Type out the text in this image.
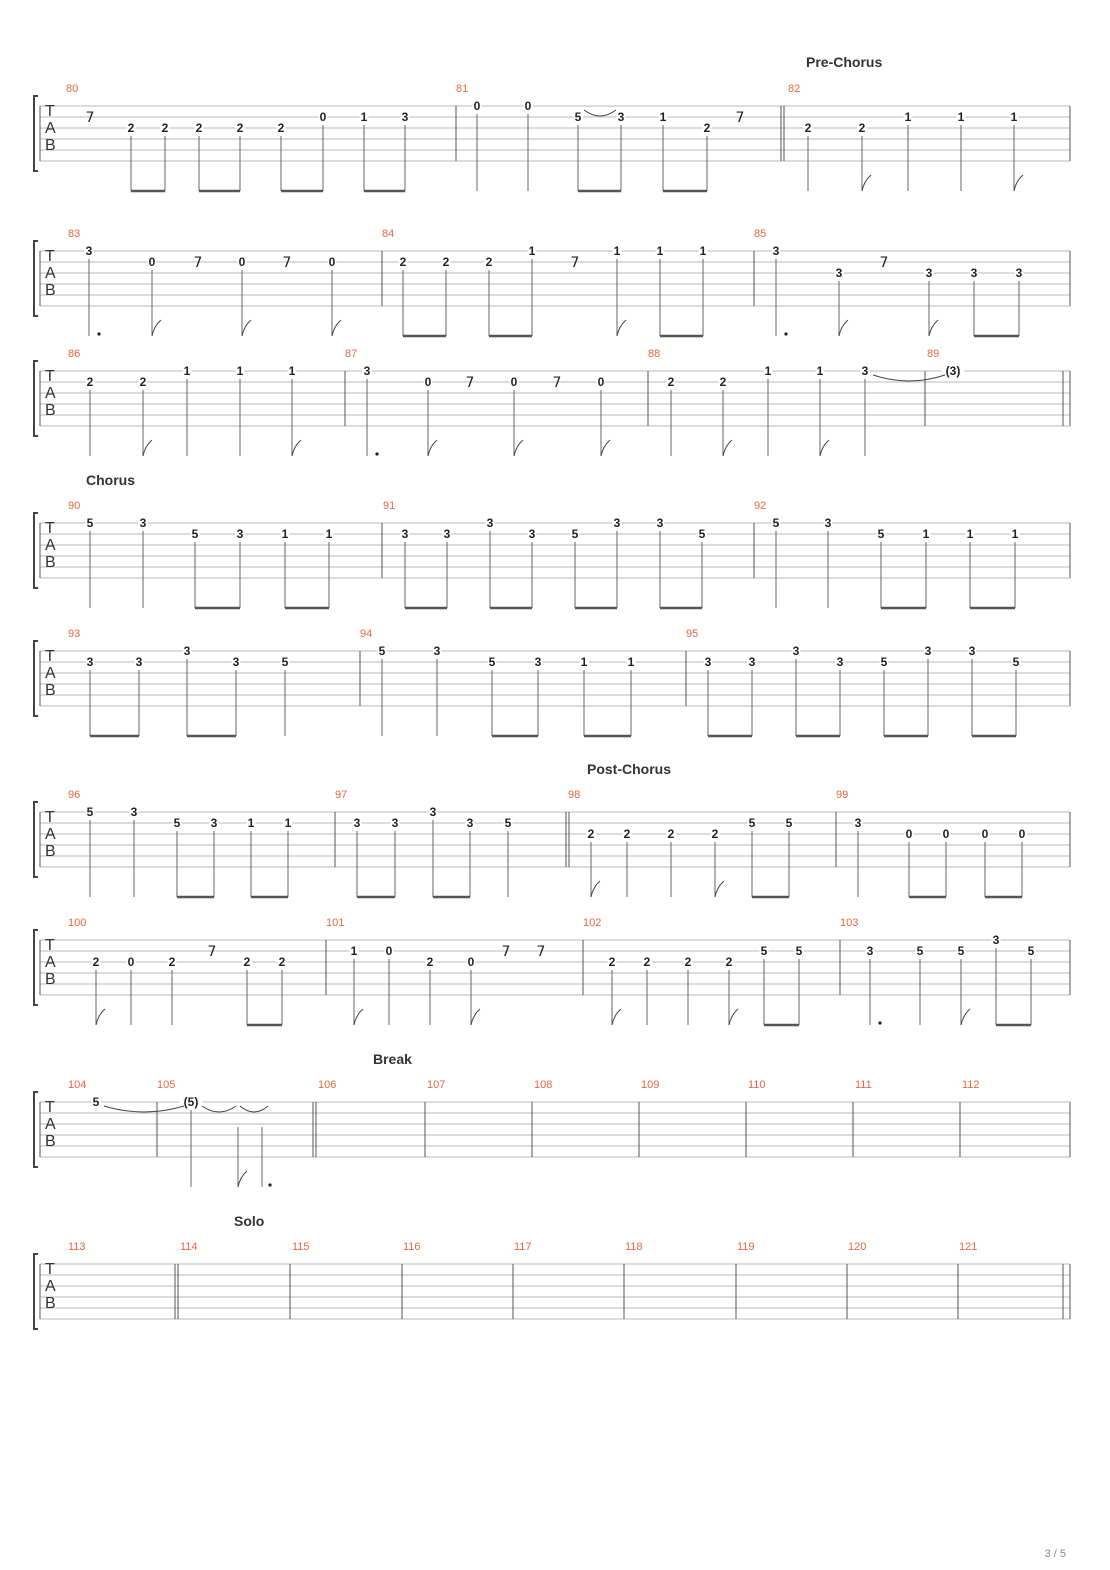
T
A
B
80	81	82
Pre-Chorus
2 2 2	2	2
0	1	3
0	0
5	3	1
2	2	2
1	1	1
7	7
T
A
B
83	84	85
3
0	0	0	2	2	2
1	1	1	1	3
3	3	3	3
7	7	7	7
T
A
B
86	87	88	89
2	2
1	1	1	3
0	0	0	2	2
1	1	3	(3)
7	7
T
A
B
90	91	92
Chorus
5	3
5	3	1	1	3	3
3
3	5
3	3
5
5	3
5	1	1	1
T
A
B
93	94	95
3	3
3
3	5
5	3
5	3	1	1	3	3
3
3	5
3	3
5
T
A
B
96	97	98	99
Post-Chorus
5	3
5	3	1	1	3	3
3
3	5
2 2	2	2
5	5	3
0	0	0	0
T
A
B
100	101	102	103
2 0	2	2 2
1 0
2	0	2 2	2	2
5 5	3	5	5
3
5
7	7 7
T
A
B
104	105	106	107	108	109	110	111	112
Break
5	(5)
T
A
B
113	114	115	116	117	118	119	120	121
Solo
3 / 5
